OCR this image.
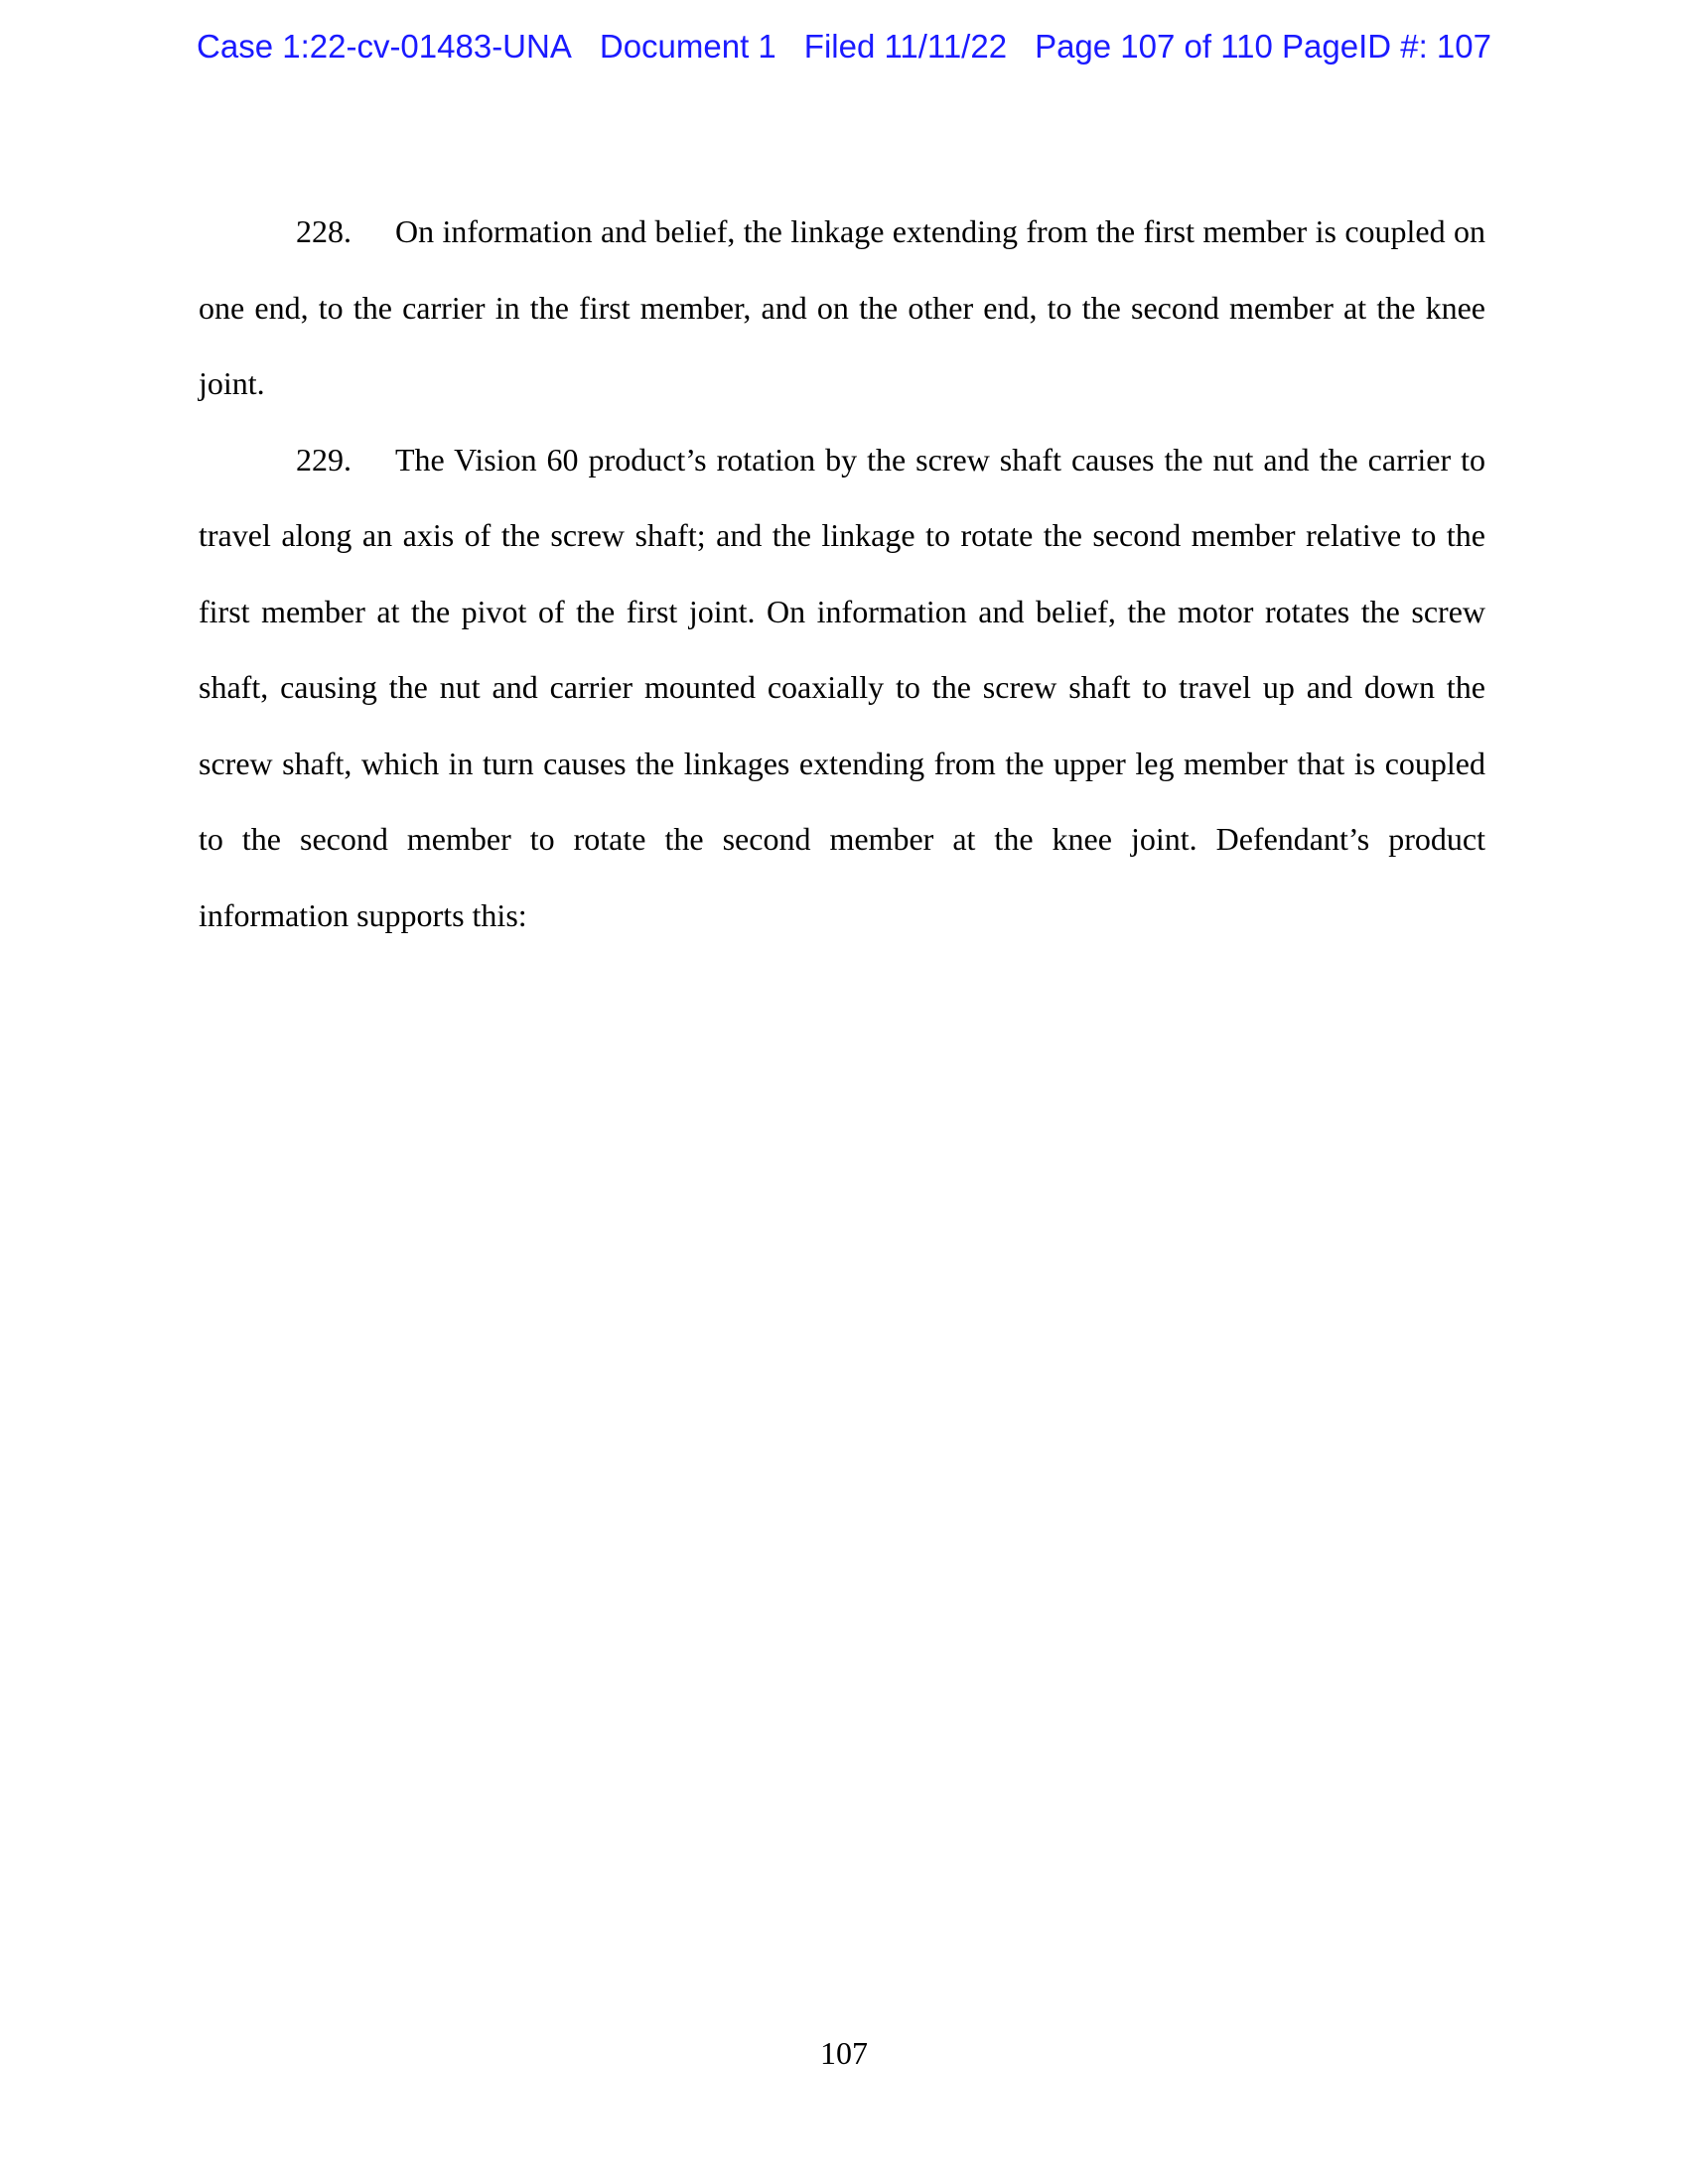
Case 1:22-cv-01483-UNA Document 1 Filed 11/11/22 Page 107 of 110 PageID #: 107

228. On information and belief, the linkage extending from the first member is coupled on one end, to the carrier in the first member, and on the other end, to the second member at the knee joint.

229. The Vision 60 product’s rotation by the screw shaft causes the nut and the carrier to travel along an axis of the screw shaft; and the linkage to rotate the second member relative to the first member at the pivot of the first joint. On information and belief, the motor rotates the screw shaft, causing the nut and carrier mounted coaxially to the screw shaft to travel up and down the screw shaft, which in turn causes the linkages extending from the upper leg member that is coupled to the second member to rotate the second member at the knee joint. Defendant’s product information supports this:

107
